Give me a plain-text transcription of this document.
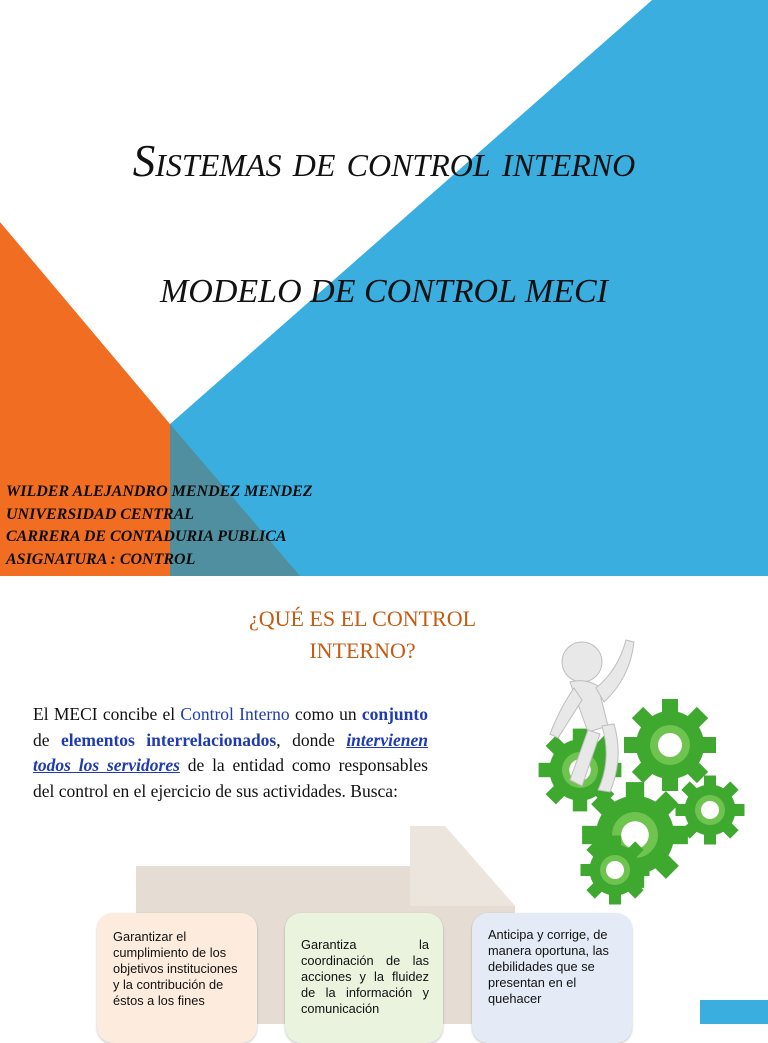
Sistemas de control interno
MODELO DE CONTROL MECI
WILDER ALEJANDRO MENDEZ MENDEZ
UNIVERSIDAD CENTRAL
CARRERA DE CONTADURIA PUBLICA
ASIGNATURA : CONTROL
¿QUÉ ES EL CONTROL INTERNO?
El MECI concibe el Control Interno como un conjunto de elementos interrelacionados, donde intervienen todos los servidores de la entidad como responsables del control en el ejercicio de sus actividades. Busca:
Garantizar el cumplimiento de los objetivos instituciones y la contribución de éstos a los fines
Garantiza la coordinación de las acciones y la fluidez de la información y comunicación
Anticipa y corrige, de manera oportuna, las debilidades que se presentan en el quehacer
